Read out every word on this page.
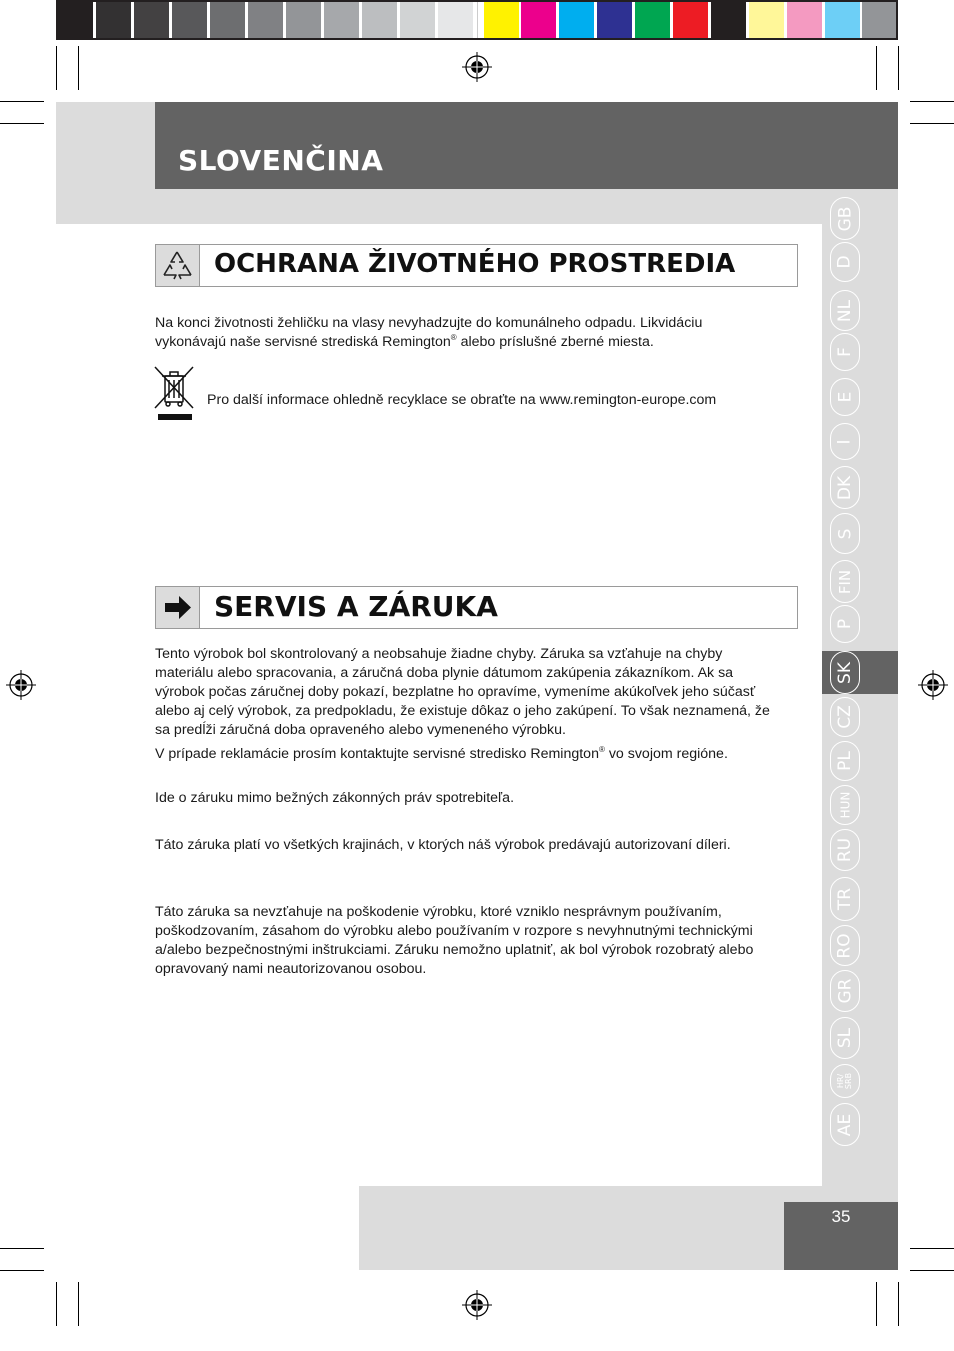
SLOVENČINA
GB
D
NL
F
E
I
DK
S
FIN
P
SK
CZ
PL
HUN
RU
TR
RO
GR
SL
HR/ SRB
AE
OCHRANA ŽIVOTNÉHO PROSTREDIA

Na konci životnosti žehličku na vlasy nevyhadzujte do komunálneho odpadu. Likvidáciu vykonávajú naše servisné strediská Remington® alebo príslušné zberné miesta.

Pro další informace ohledně recyklace se obraťte na www.remington-europe.com

SERVIS A ZÁRUKA

Tento výrobok bol skontrolovaný a neobsahuje žiadne chyby. Záruka sa vzťahuje na chyby materiálu alebo spracovania, a záručná doba plynie dátumom zakúpenia zákazníkom. Ak sa výrobok počas záručnej doby pokazí, bezplatne ho opravíme, vymeníme akúkoľvek jeho súčasť alebo aj celý výrobok, za predpokladu, že existuje dôkaz o jeho zakúpení. To však neznamená, že sa predĺži záručná doba opraveného alebo vymeneného výrobku.

V prípade reklamácie prosím kontaktujte servisné stredisko Remington® vo svojom regióne.

Ide o záruku mimo bežných zákonných práv spotrebiteľa.

Táto záruka platí vo všetkých krajinách, v ktorých náš výrobok predávajú autorizovaní díleri.

Táto záruka sa nevzťahuje na poškodenie výrobku, ktoré vzniklo nesprávnym používaním, poškodzovaním, zásahom do výrobku alebo používaním v rozpore s nevyhnutnými technickými a/alebo bezpečnostnými inštrukciami. Záruku nemožno uplatniť, ak bol výrobok rozobratý alebo opravovaný nami neautorizovanou osobou.

35
